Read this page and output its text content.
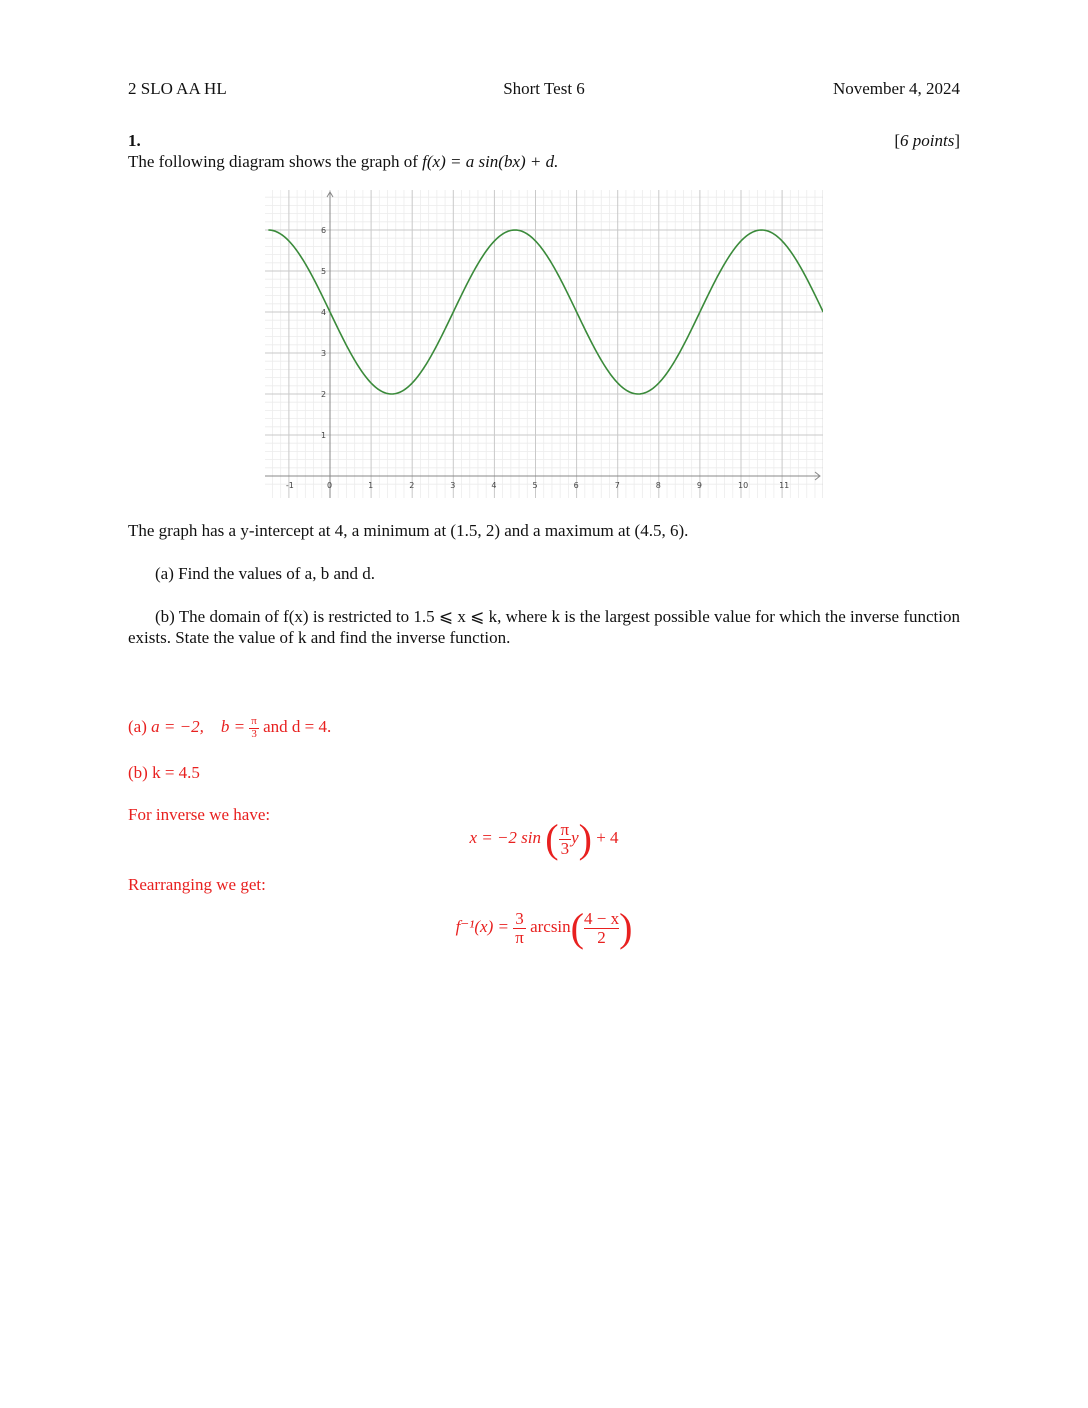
2 SLO AA HL	Short Test 6	November 4, 2024
1.	[6 points]
The following diagram shows the graph of f(x) = a sin(bx) + d.
-1	0	1	2	3	4	5	6	7	8	9	10	11
1
2
3
4
5
6
The graph has a y-intercept at 4, a minimum at (1.5, 2) and a maximum at (4.5, 6).
(a) Find the values of a, b and d.
(b) The domain of f(x) is restricted to 1.5 ⩽ x ⩽ k, where k is the largest possible value for which the inverse function exists. State the value of k and find the inverse function.
(a) a = −2, $b = \frac{\pi}{3}$ and d = 4.
(b) k = 4.5
For inverse we have:
x = −2 sin ( $\frac{\pi}{3} y) + 4$
Rearranging we get:
$f^{-1}(x) = \frac{3}{\pi} \arcsin( \frac{4 - x}{2}$ )
